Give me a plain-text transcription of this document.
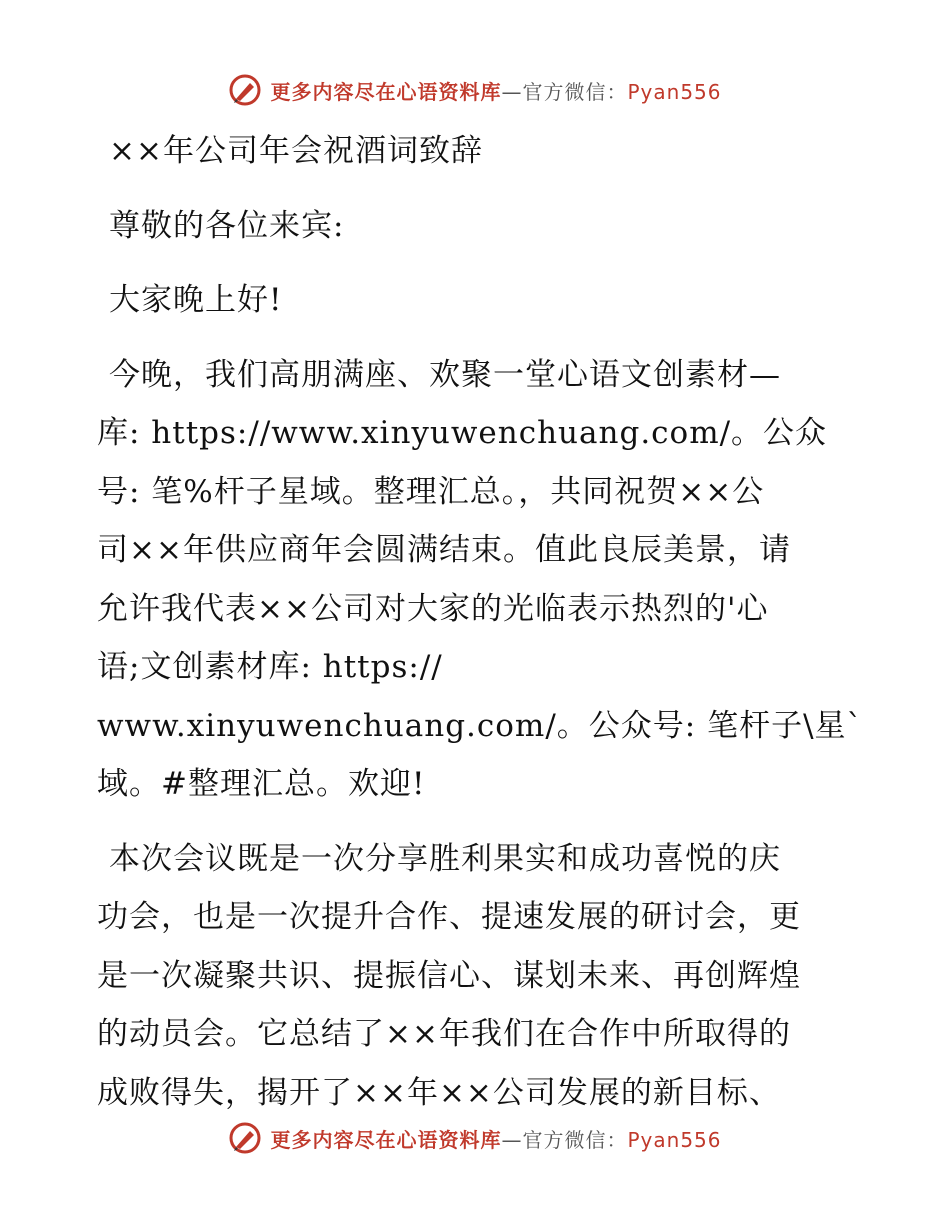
更多内容尽在心语资料库—官方微信：Pyan556
××年公司年会祝酒词致辞
尊敬的各位来宾:
大家晚上好!
今晚，我们高朋满座、欢聚一堂心语文创素材—
库: https://www.xinyuwenchuang.com/。公众
号: 笔%杆子星域。整理汇总。，共同祝贺××公
司××年供应商年会圆满结束。值此良辰美景，请
允许我代表××公司对大家的光临表示热烈的'心
语;文创素材库: https://
www.xinyuwenchuang.com/。公众号: 笔杆子\星`
域。#整理汇总。欢迎!
本次会议既是一次分享胜利果实和成功喜悦的庆
功会，也是一次提升合作、提速发展的研讨会，更
是一次凝聚共识、提振信心、谋划未来、再创辉煌
的动员会。它总结了××年我们在合作中所取得的
成败得失，揭开了××年××公司发展的新目标、
更多内容尽在心语资料库—官方微信：Pyan556
